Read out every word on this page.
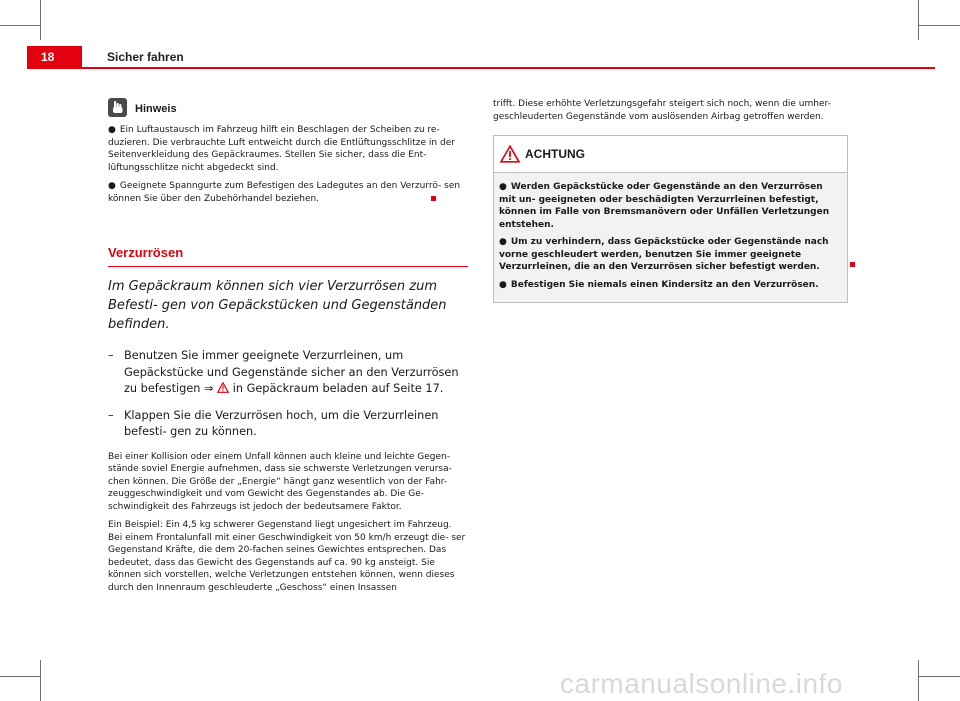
18	Sicher fahren
Hinweis

● Ein Luftaustausch im Fahrzeug hilft ein Beschlagen der Scheiben zu re- duzieren. Die verbrauchte Luft entweicht durch die Entlüftungsschlitze in der Seitenverkleidung des Gepäckraumes. Stellen Sie sicher, dass die Ent- lüftungsschlitze nicht abgedeckt sind.

● Geeignete Spanngurte zum Befestigen des Ladegutes an den Verzurrö- sen können Sie über den Zubehörhandel beziehen.

Verzurrösen

Im Gepäckraum können sich vier Verzurrösen zum Befesti- gen von Gepäckstücken und Gegenständen befinden.

– Benutzen Sie immer geeignete Verzurrleinen, um Gepäckstücke und Gegenstände sicher an den Verzurrösen zu befestigen ⇒  in Gepäckraum beladen auf Seite 17.

– Klappen Sie die Verzurrösen hoch, um die Verzurrleinen befesti- gen zu können.

Bei einer Kollision oder einem Unfall können auch kleine und leichte Gegen- stände soviel Energie aufnehmen, dass sie schwerste Verletzungen verursa- chen können. Die Größe der „Energie“ hängt ganz wesentlich von der Fahr- zeuggeschwindigkeit und vom Gewicht des Gegenstandes ab. Die Ge- schwindigkeit des Fahrzeugs ist jedoch der bedeutsamere Faktor.

Ein Beispiel: Ein 4,5 kg schwerer Gegenstand liegt ungesichert im Fahrzeug. Bei einem Frontalunfall mit einer Geschwindigkeit von 50 km/h erzeugt die- ser Gegenstand Kräfte, die dem 20-fachen seines Gewichtes entsprechen. Das bedeutet, dass das Gewicht des Gegenstands auf ca. 90 kg ansteigt. Sie können sich vorstellen, welche Verletzungen entstehen können, wenn dieses durch den Innenraum geschleuderte „Geschoss“ einen Insassen

trifft. Diese erhöhte Verletzungsgefahr steigert sich noch, wenn die umher- geschleuderten Gegenstände vom auslösenden Airbag getroffen werden.

ACHTUNG

● Werden Gepäckstücke oder Gegenstände an den Verzurrösen mit un- geeigneten oder beschädigten Verzurrleinen befestigt, können im Falle von Bremsmanövern oder Unfällen Verletzungen entstehen.

● Um zu verhindern, dass Gepäckstücke oder Gegenstände nach vorne geschleudert werden, benutzen Sie immer geeignete Verzurrleinen, die an den Verzurrösen sicher befestigt werden.

● Befestigen Sie niemals einen Kindersitz an den Verzurrösen.

carmanualsonline.info
